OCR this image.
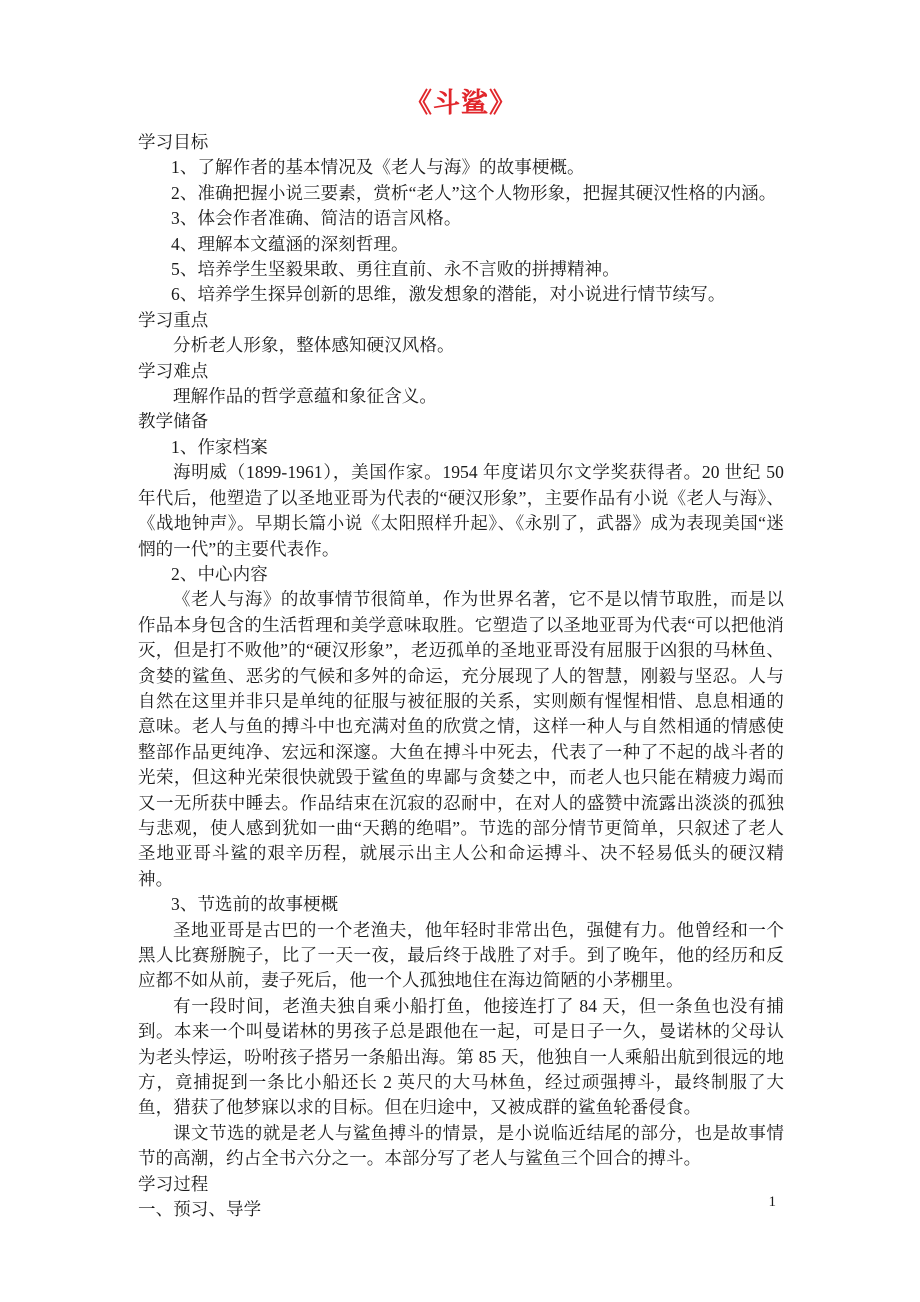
《斗鲨》

学习目标

1、了解作者的基本情况及《老人与海》的故事梗概。

2、准确把握小说三要素，赏析“老人”这个人物形象，把握其硬汉性格的内涵。

3、体会作者准确、简洁的语言风格。

4、理解本文蕴涵的深刻哲理。

5、培养学生坚毅果敢、勇往直前、永不言败的拼搏精神。

6、培养学生探异创新的思维，激发想象的潜能，对小说进行情节续写。

学习重点

分析老人形象，整体感知硬汉风格。

学习难点

理解作品的哲学意蕴和象征含义。

教学储备

1、作家档案

海明威（1899-1961），美国作家。1954 年度诺贝尔文学奖获得者。20 世纪 50 年代后，他塑造了以圣地亚哥为代表的“硬汉形象”，主要作品有小说《老人与海》、《战地钟声》。早期长篇小说《太阳照样升起》、《永别了，武器》成为表现美国“迷惘的一代”的主要代表作。

2、中心内容

《老人与海》的故事情节很简单，作为世界名著，它不是以情节取胜，而是以作品本身包含的生活哲理和美学意味取胜。它塑造了以圣地亚哥为代表“可以把他消灭，但是打不败他”的“硬汉形象”，老迈孤单的圣地亚哥没有屈服于凶狠的马林鱼、贪婪的鲨鱼、恶劣的气候和多舛的命运，充分展现了人的智慧，刚毅与坚忍。人与自然在这里并非只是单纯的征服与被征服的关系，实则颇有惺惺相惜、息息相通的意味。老人与鱼的搏斗中也充满对鱼的欣赏之情，这样一种人与自然相通的情感使整部作品更纯净、宏远和深邃。大鱼在搏斗中死去，代表了一种了不起的战斗者的光荣，但这种光荣很快就毁于鲨鱼的卑鄙与贪婪之中，而老人也只能在精疲力竭而又一无所获中睡去。作品结束在沉寂的忍耐中，在对人的盛赞中流露出淡淡的孤独与悲观，使人感到犹如一曲“天鹅的绝唱”。节选的部分情节更简单，只叙述了老人圣地亚哥斗鲨的艰辛历程，就展示出主人公和命运搏斗、决不轻易低头的硬汉精神。

3、节选前的故事梗概

圣地亚哥是古巴的一个老渔夫，他年轻时非常出色，强健有力。他曾经和一个黑人比赛掰腕子，比了一天一夜，最后终于战胜了对手。到了晚年，他的经历和反应都不如从前，妻子死后，他一个人孤独地住在海边简陋的小茅棚里。

有一段时间，老渔夫独自乘小船打鱼，他接连打了 84 天，但一条鱼也没有捕到。本来一个叫曼诺林的男孩子总是跟他在一起，可是日子一久，曼诺林的父母认为老头悖运，吩咐孩子搭另一条船出海。第 85 天，他独自一人乘船出航到很远的地方，竟捕捉到一条比小船还长 2 英尺的大马林鱼，经过顽强搏斗，最终制服了大鱼，猎获了他梦寐以求的目标。但在归途中，又被成群的鲨鱼轮番侵食。

课文节选的就是老人与鲨鱼搏斗的情景，是小说临近结尾的部分，也是故事情节的高潮，约占全书六分之一。本部分写了老人与鲨鱼三个回合的搏斗。

学习过程

一、预习、导学	1
